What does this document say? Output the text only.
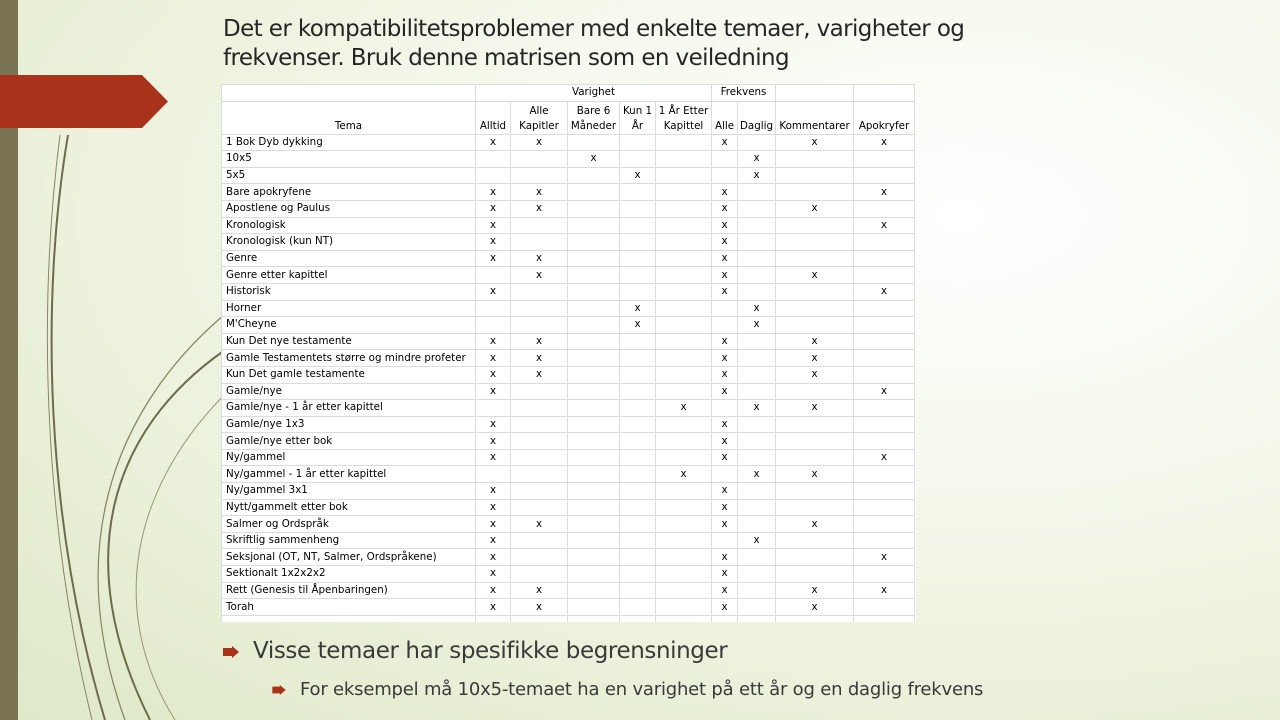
Det er kompatibilitetsproblemer med enkelte temaer, varigheter og frekvenser. Bruk denne matrisen som en veiledning
	Varighet					Frekvens			
Tema	Alltid	Alle Kapitler	Bare 6 Måneder	Kun 1 År	1 År Etter Kapittel	Alle	Daglig	Kommentarer	Apokryfer
1 Bok Dyb dykking	x	x				x		x	x
10x5			x				x		
5x5				x			x		
Bare apokryfene	x	x				x			x
Apostlene og Paulus	x	x				x		x	
Kronologisk	x					x			x
Kronologisk (kun NT)	x					x			
Genre	x	x				x			
Genre etter kapittel		x				x		x	
Historisk	x					x			x
Horner				x			x		
M'Cheyne				x			x		
Kun Det nye testamente	x	x				x		x	
Gamle Testamentets større og mindre profeter	x	x				x		x	
Kun Det gamle testamente	x	x				x		x	
Gamle/nye	x					x			x
Gamle/nye - 1 år etter kapittel					x		x	x	
Gamle/nye 1x3	x					x			
Gamle/nye etter bok	x					x			
Ny/gammel	x					x			x
Ny/gammel - 1 år etter kapittel					x		x	x	
Ny/gammel 3x1	x					x			
Nytt/gammelt etter bok	x					x			
Salmer og Ordspråk	x	x				x		x	
Skriftlig sammenheng	x						x		
Seksjonal (OT, NT, Salmer, Ordspråkene)	x					x			x
Sektionalt 1x2x2x2	x					x			
Rett (Genesis til Åpenbaringen)	x	x				x		x	x
Torah	x	x				x		x	

Visse temaer har spesifikke begrensninger
For eksempel må 10x5-temaet ha en varighet på ett år og en daglig frekvens
